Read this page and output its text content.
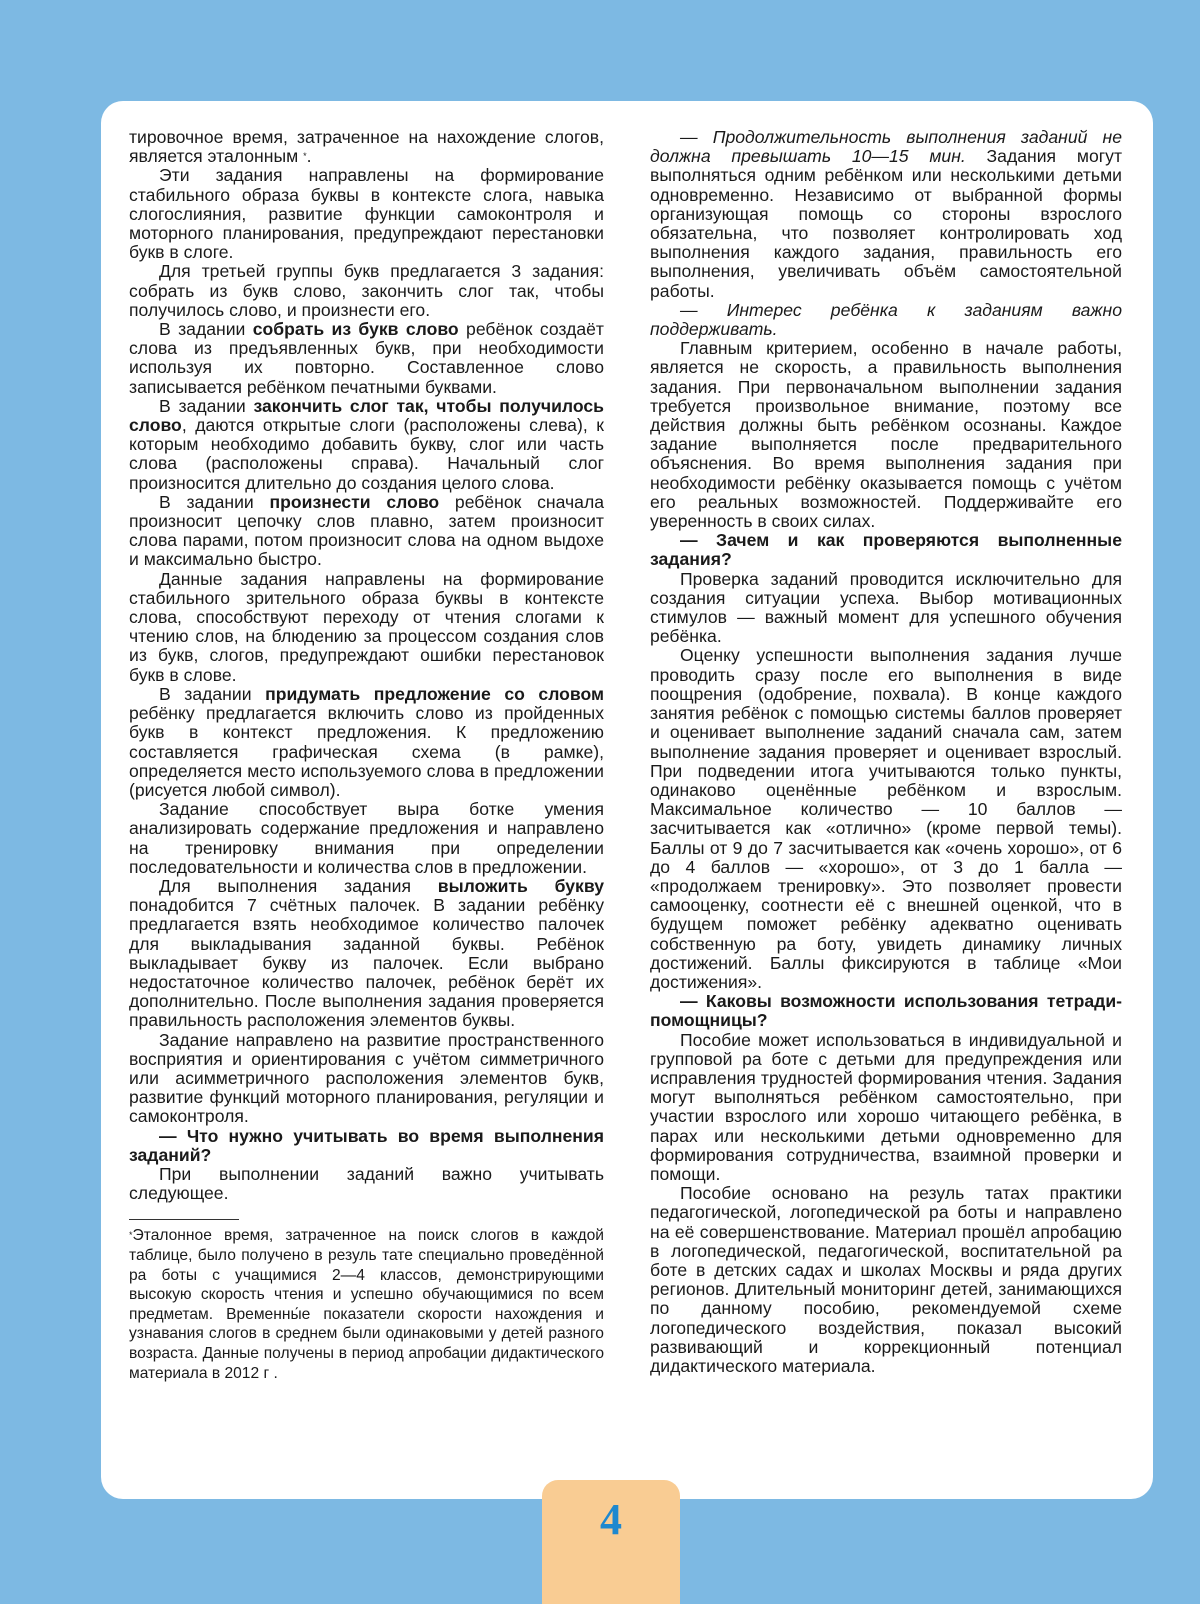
тировочное время, затраченное на нахождение слогов, является эталонным *.

Эти задания направлены на формирование стабильного образа буквы в контексте слога, навыка слогослияния, развитие функции самоконтроля и моторного планирования, предупреждают перестановки букв в слоге.

Для третьей группы букв предлагается 3 задания: собрать из букв слово, закончить слог так, чтобы получилось слово, и произнести его.

В задании собрать из букв слово ребёнок создаёт слова из предъявленных букв, при необходимости используя их повторно. Составленное слово записывается ребёнком печатными буквами.

В задании закончить слог так, чтобы получилось слово, даются открытые слоги (расположены слева), к которым необходимо добавить букву, слог или часть слова (расположены справа). Начальный слог произносится длительно до создания целого слова.

В задании произнести слово ребёнок сначала произносит цепочку слов плавно, затем произносит слова парами, потом произносит слова на одном выдохе и максимально быстро.

Данные задания направлены на формирование стабильного зрительного образа буквы в контексте слова, способствуют переходу от чтения слогами к чтению слов, на блюдению за процессом создания слов из букв, слогов, предупреждают ошибки перестановок букв в слове.

В задании придумать предложение со словом ребёнку предлагается включить слово из пройденных букв в контекст предложения. К предложению составляется графическая схема (в рамке), определяется место используемого слова в предложении (рисуется любой символ).

Задание способствует выра ботке умения анализировать содержание предложения и направлено на тренировку внимания при определении последовательности и количества слов в предложении.

Для выполнения задания выложить букву понадобится 7 счётных палочек. В задании ребёнку предлагается взять необходимое количество палочек для выкладывания заданной буквы. Ребёнок выкладывает букву из палочек. Если выбрано недостаточное количество палочек, ребёнок берёт их дополнительно. После выполнения задания проверяется правильность расположения элементов буквы.

Задание направлено на развитие пространственного восприятия и ориентирования с учётом симметричного или асимметричного расположения элементов букв, развитие функций моторного планирования, регуляции и самоконтроля.

— Что нужно учитывать во время выполнения заданий?

При выполнении заданий важно учитывать следующее.

*Эталонное время, затраченное на поиск слогов в каждой таблице, было получено в резуль тате специально проведённой ра боты с учащимися 2—4 классов, демонстрирующими высокую скорость чтения и успешно обучающимися по всем предметам. Временны́е показатели скорости нахождения и узнавания слогов в среднем были одинаковыми у детей разного возраста. Данные получены в период апробации дидактического материала в 2012 г .

— Продолжительность выполнения заданий не должна превышать 10—15 мин. Задания могут выполняться одним ребёнком или несколькими детьми одновременно. Независимо от выбранной формы организующая помощь со стороны взрослого обязательна, что позволяет контролировать ход выполнения каждого задания, правильность его выполнения, увеличивать объём самостоятельной работы.

— Интерес ребёнка к заданиям важно поддерживать.

Главным критерием, особенно в начале работы, является не скорость, а правильность выполнения задания. При первоначальном выполнении задания требуется произвольное внимание, поэтому все действия должны быть ребёнком осознаны. Каждое задание выполняется после предварительного объяснения. Во время выполнения задания при необходимости ребёнку оказывается помощь с учётом его реальных возможностей. Поддерживайте его уверенность в своих силах.

— Зачем и как проверяются выполненные задания?

Проверка заданий проводится исключительно для создания ситуации успеха. Выбор мотивационных стимулов — важный момент для успешного обучения ребёнка.

Оценку успешности выполнения задания лучше проводить сразу после его выполнения в виде поощрения (одобрение, похвала). В конце каждого занятия ребёнок с помощью системы баллов проверяет и оценивает выполнение заданий сначала сам, затем выполнение задания проверяет и оценивает взрослый. При подведении итога учитываются только пункты, одинаково оценённые ребёнком и взрослым. Максимальное количество — 10 баллов — засчитывается как «отлично» (кроме первой темы). Баллы от 9 до 7 засчитывается как «очень хорошо», от 6 до 4 баллов — «хорошо», от 3 до 1 балла — «продолжаем тренировку». Это позволяет провести самооценку, соотнести её с внешней оценкой, что в будущем поможет ребёнку адекватно оценивать собственную ра боту, увидеть динамику личных достижений. Баллы фиксируются в таблице «Мои достижения».

— Каковы возможности использования тетради-помощницы?

Пособие может использоваться в индивидуальной и групповой ра боте с детьми для предупреждения или исправления трудностей формирования чтения. Задания могут выполняться ребёнком самостоятельно, при участии взрослого или хорошо читающего ребёнка, в парах или несколькими детьми одновременно для формирования сотрудничества, взаимной проверки и помощи.

Пособие основано на резуль татах практики педагогической, логопедической ра боты и направлено на её совершенствование. Материал прошёл апробацию в логопедической, педагогической, воспитательной ра боте в детских садах и школах Москвы и ряда других регионов. Длительный мониторинг детей, занимающихся по данному пособию, рекомендуемой схеме логопедического воздействия, показал высокий развивающий и коррекционный потенциал дидактического материала.

4
